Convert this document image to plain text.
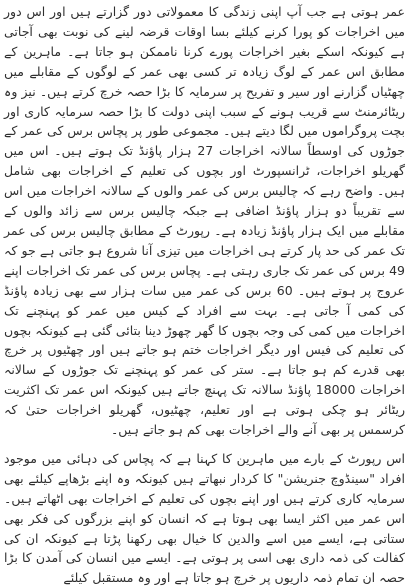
عمر ہوتی ہے جب آپ اپنی زندگی کا معمولاتی دور گزارتے ہیں اور اس دور میں اخراجات کو پورا کرنے کیلئے بسا اوقات قرضہ لینے کی نوبت بھی آجاتی ہے کیونکہ اسکے بغیر اخراجات پورے کرنا ناممکن ہو جاتا ہے۔ ماہرین کے مطابق اس عمر کے لوگ زیادہ تر کسی بھی عمر کے لوگوں کے مقابلے میں چھٹیاں گزارنے اور سیر و تفریح پر سرمایہ کا بڑا حصہ خرچ کرتے ہیں۔ نیز وہ ریٹائرمنٹ سے قریب ہونے کے سبب اپنی دولت کا بڑا حصہ سرمایہ کاری اور بچت پروگراموں میں لگا دیتے ہیں۔ مجموعی طور پر پچاس برس کی عمر کے جوڑوں کی اوسطاً سالانہ اخراجات 27 ہزار پاؤنڈ تک ہوتے ہیں۔ اس میں گھریلو اخراجات، ٹرانسپورٹ اور بچوں کی تعلیم کے اخراجات بھی شامل ہیں۔ واضح رہے کہ چالیس برس کی عمر والوں کے سالانہ اخراجات میں اس سے تقریباً دو ہزار پاؤنڈ اضافی ہے جبکہ چالیس برس سے زائد والوں کے مقابلے میں ایک ہزار پاؤنڈ زیادہ ہے۔ رپورٹ کے مطابق چالیس برس کی عمر تک عمر کی حد پار کرتے ہی اخراجات میں تیزی آنا شروع ہو جاتی ہے جو کہ 49 برس کی عمر تک جاری رہتی ہے۔ پچاس برس کی عمر تک اخراجات اپنے عروج پر ہوتے ہیں۔ 60 برس کی عمر میں سات ہزار سے بھی زیادہ پاؤنڈ کی کمی آ جاتی ہے۔ بہت سے افراد کے کیس میں عمر کو پہنچنے تک اخراجات میں کمی کی وجہ بچوں کا گھر چھوڑ دینا بتائی گئی ہے کیونکہ بچوں کی تعلیم کی فیس اور دیگر اخراجات ختم ہو جاتے ہیں اور چھٹیوں پر خرچ بھی قدرے کم ہو جاتا ہے۔ ستر کی عمر کو پہنچنے تک جوڑوں کے سالانہ اخراجات 18000 پاؤنڈ سالانہ تک پہنچ جاتے ہیں کیونکہ اس عمر تک اکثریت ریٹائر ہو چکی ہوتی ہے اور تعلیم، چھٹیوں، گھریلو اخراجات حتیٰ کہ کرسمس پر بھی آنے والے اخراجات بھی کم ہو جاتے ہیں۔

اس رپورٹ کے بارے میں ماہرین کا کہنا ہے کہ پچاس کی دہائی میں موجود افراد "سینڈوچ جنریشن" کا کردار نبھاتے ہیں کیونکہ وہ اپنے بڑھاپے کیلئے بھی سرمایہ کاری کرتے ہیں اور اپنے بچوں کی تعلیم کے اخراجات بھی اٹھاتے ہیں۔ اس عمر میں اکثر ایسا بھی ہوتا ہے کہ انسان کو اپنے بزرگوں کی فکر بھی ستاتی ہے، ایسے میں اسے والدین کا خیال بھی رکھنا پڑتا ہے کیونکہ ان کی کفالت کی ذمہ داری بھی اسی پر ہوتی ہے۔ ایسے میں انسان کی آمدن کا بڑا حصہ ان تمام ذمہ داریوں پر خرچ ہو جاتا ہے اور وہ مستقبل کیلئے
